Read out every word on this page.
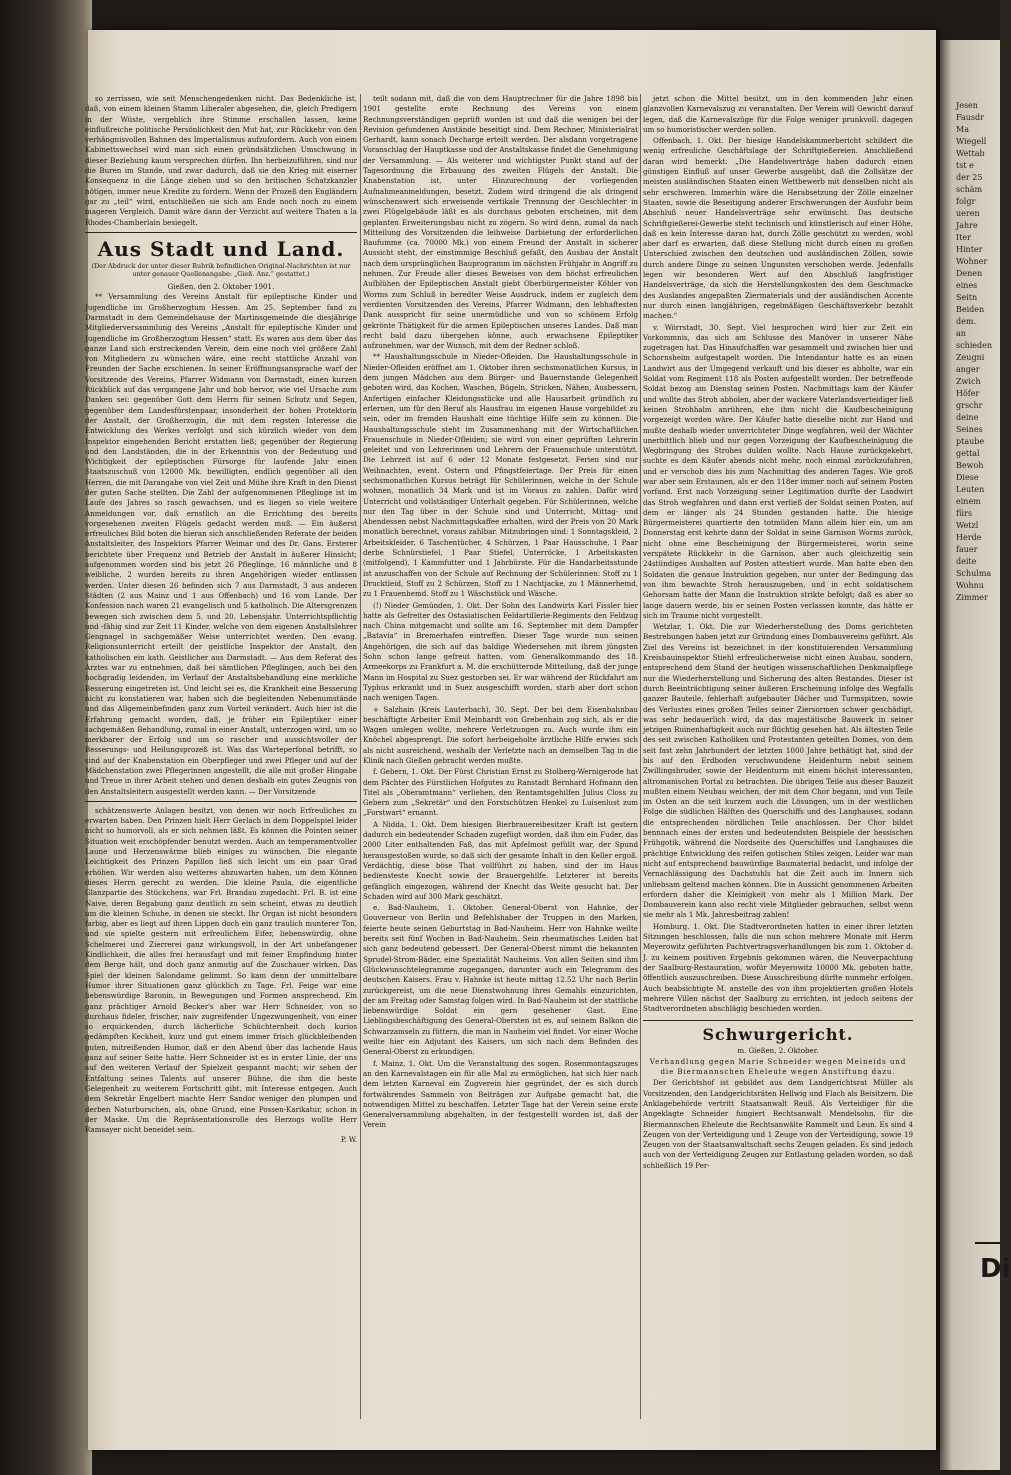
Jesen
Fausdr
Ma
Wiegell
Wettab
tst e
der 25
schäm
folgr
ueren
Jahre
Iter
Hinter
Wohner
Denen
eines
Seitn
Beiden
dem.
an
schieden
Zeugni
anger
Zwich
Höfer
grschr
deine
Seines
ptaube
gettal
Bewoh
Diese
Leuten
einem
fürs
Wetzl
Herde
fauer
deite
Schulma
Wohnu
Zimmer
Di

so zerrissen, wie seit Menschengedenken nicht. Das Bedenkliche ist, daß, von einem kleinen Stamm Liberaler abgesehen, die, gleich Predigern in der Wüste, vergeblich ihre Stimme erschallen lassen, keine einflußreiche politische Persönlichkeit den Mut hat, zur Rückkehr von den verhängnisvollen Bahnen des Imperialismus aufzufordern. Auch von einem Kabinettswechsel wird man sich einen gründsätzlichen Umschwung in dieser Beziehung kaum versprechen dürfen. Ihn herbeizuführen, sind nur die Buren im Stande, und zwar dadurch, daß sie den Krieg mit eiserner Konsequenz in die Länge ziehen und so den britischen Schatzkanzler nötigen, immer neue Kredite zu fordern. Wenn der Prozeß den Engländern gar zu „teil“ wird, entschließen sie sich am Ende noch noch zu einem mageren Vergleich. Damit wäre dann der Verzicht auf weitere Thaten a la Rhodes-Chamberlain besiegelt.

Aus Stadt und Land.
(Der Abdruck der unter dieser Rubrik befindlichen Original-Nachrichten ist nur unter genauer Quellenangabe: „Gieß. Anz.“ gestattet.)
Gießen, den 2. Oktober 1901.

** Versammlung des Vereins Anstalt für epileptische Kinder und Jugendliche im Großherzogtum Hessen. Am 25. September fand zu Darmstadt in dem Gemeindehause der Martinsgemeinde die diesjährige Mitgliederversammlung des Vereins „Anstalt für epileptische Kinder und Jugendliche im Großherzogtum Hessen“ statt. Es waren aus dem über das ganze Land sich erstreckenden Verein, dem eine noch viel größere Zahl von Mitgliedern zu wünschen wäre, eine recht stattliche Anzahl von Freunden der Sache erschienen. In seiner Eröffnungsansprache warf der Vorsitzende des Vereins, Pfarrer Widmann von Darmstadt, einen kurzen Rückblick auf das vergangene Jahr und hob hervor, wie viel Ursache zum Danken sei: gegenüber Gott dem Herrn für seinen Schutz und Segen, gegenüber dem Landesfürstenpaar, insonderheit der hohen Protektorin der Anstalt, der Großherzogin, die mit dem regsten Interesse die Entwicklung des Werkes verfolgt und sich kürzlich wieder von dem Inspektor eingehenden Bericht erstatten ließ; gegenüber der Regierung und den Landständen, die in der Erkenntnis von der Bedeutung und Wichtigkeit der epileptischen Fürsorge für laufende Jahr einen Staatszuschuß von 12000 Mk. bewilligten, endlich gegenüber all den Herren, die mit Darangabe von viel Zeit und Mühe ihre Kraft in den Dienst der guten Sache stellten. Die Zahl der aufgenommenen Pfleglinge ist im Laufe des Jahres so rasch gewachsen, und es liegen so viele weitere Anmeldungen vor, daß ernstlich an die Errichtung des bereits vorgesehenen zweiten Flügels gedacht werden muß. — Ein äußerst erfreuliches Bild boten die hieran sich anschließenden Referate der beiden Anstaltsleiter, des Inspektors Pfarrer Weimar und des Dr. Gans. Ersterer berichtete über Frequenz und Betrieb der Anstalt in äußerer Hinsicht; aufgenommen worden sind bis jetzt 26 Pfleglinge, 16 männliche und 8 weibliche, 2 wurden bereits zu ihren Angehörigen wieder entlassen werden. Unter diesen 26 befinden sich 7 aus Darmstadt, 3 aus anderen Städten (2 aus Mainz und 1 aus Offenbach) und 16 vom Lande. Der Konfession nach waren 21 evangelisch und 5 katholisch. Die Altersgrenzen bewegen sich zwischen dem 5. und 20. Lebensjahr. Unterrichtspflichtig und -fähig sind zur Zeit 11 Kinder, welche von dem eigenen Anstaltslehrer Gengnagel in sachgemäßer Weise unterrichtet werden. Den evang. Religionsunterricht erteilt der geistliche Inspektor der Anstalt, den katholischen ein kath. Geistlicher aus Darmstadt. — Aus dem Referat des Arztes war zu entnehmen, daß bei sämtlichen Pfleglingen, auch bei den hochgradig leidenden, im Verlauf der Anstaltsbehandlung eine merkliche Besserung eingetreten ist. Und leicht sei es, die Krankheit eine Besserung nicht zu konstatieren war, haben sich die begleitenden Nebenumstände und das Allgemeinbefinden ganz zum Vorteil verändert. Auch hier ist die Erfahrung gemacht worden, daß, je früher ein Epileptiker einer sachgemäßen Behandlung, zumal in einer Anstalt, unterzogen wird, um so merkbarer der Erfolg und um so rascher und aussichtsvoller der Besserungs- und Heilungsprozeß ist. Was das Warteperfonal betrifft, so sind auf der Knabenstation ein Oberpfleger und zwei Pfleger und auf der Mädchenstation zwei Pflegerinnen angestellt, die alle mit großer Hingabe und Treue in ihrer Arbeit stehen und denen deshalb ein gutes Zeugnis von den Anstaltsleitern ausgestellt werden kann. — Der Vorsitzende

schätzenswerte Anlagen besitzt, von denen wir noch Erfreuliches zu erwarten haben. Den Prinzen hielt Herr Gerlach in dem Doppelspiel leider nicht so humorvoll, als er sich nehmen läßt. Es können die Pointen seiner Situation weit erschöpfender benutzt werden. Auch an temperamentvoller Laune und Herzenswärme blieb einiges zu wünschen. Die elegante Leichtigkeit des Prinzen Papillon ließ sich leicht um ein paar Grad erhöhen. Wir werden also weiteres abzuwarten haben, um dem Können dieses Herrn gerecht zu werden. Die kleine Paula, die eigentliche Glanzpartie des Stückchens, war Frl. Brandau zugedacht. Frl. B. ist eine Naive, deren Begabung ganz deutlich zu sein scheint, etwas zu deutlich um die kleinen Schuhe, in denen sie steckt. Ihr Organ ist nicht besonders farbig, aber es liegt auf ihren Lippen doch ein ganz traulich munterer Ton, und sie spielte gestern mit erfreulichem Eifer, liebenswürdig, ohne Schelmerei und Zierrerei ganz wirkungsvoll, in der Art unbefangener Kindlichkeit, die alles frei herausfagt und mit feiner Empfindung hinter dem Berge hält, und doch ganz anmutig auf die Zuschauer wirken. Das Spiel der kleinen Salondame gelimmt. So kam denn der unmittelbare Humor ihrer Situationen ganz glücklich zu Tage. Frl. Feige war eine liebenswürdige Baronin, in Bewegungen und Formen ansprechend. Ein ganz prächtiger Arnold Becker's aber war Herr Schneider, von so durchaus fideler, frischer, naiv zugreifender Ungezwungenheit, von einer so erquickenden, durch lächerliche Schüchternheit doch kurios gedämpften Keckheit, kurz und gut einem immer frisch glückbleibenden guten, mitreißenden Humor, daß er den Abend über das lachende Haus ganz auf seiner Seite hatte. Herr Schneider ist es in erster Linie, der uns auf den weiteren Verlauf der Spielzeit gespannt macht; wir sehen der Entfaltung seines Talents auf unserer Bühne, die ihm die beste Gelegenheit zu weiterem Fortschritt gibt, mit Interesse entgegen. Auch dem Sekretär Engelbert machte Herr Sandor weniger den plumpen und derben Naturburschen, als, ohne Grund, eine Possen-Karikatur, schon in der Maske. Um die Repräsentationsrolle des Herzogs wollte Herr Ramsayer nicht beneidet sein.

P. W.

teilt sodann mit, daß die von dem Hauptrechner für die Jahre 1898 bis 1901 gestellte erste Rechnung des Vereins von einem Rechnungsverständigen geprüft worden ist und daß die wenigen bei der Revision gefundenen Anstände beseitigt sind. Dem Rechner, Ministerialrat Gerhardt, kann sonach Decharge erteilt werden. Der alsdann vorgetragene Voranschlag der Hauptkasse und der Anstaltskasse findet die Genehmigung der Versammlung. — Als weiterer und wichtigster Punkt stand auf der Tagesordnung die Erbauung des zweiten Flügels der Anstalt. Die Knabenstation ist, unter Hinzurechnung der vorliegenden Aufnahmeanmeldungen, besetzt. Zudem wird dringend die als dringend wünschenswert sich erweisende vertikale Trennung der Geschlechter in zwei Flügelgebäude läßt es als durchaus geboten erscheinen, mit dem geplanten Erweiterungsbau nicht zu zögern. So wird denn, zumal da nach Mitteilung des Vorsitzenden die leihweise Darbietung der erforderlichen Baufumme (ca. 70000 Mk.) von einem Freund der Anstalt in sicherer Aussicht steht, der einstimmige Beschluß gefaßt, den Ausbau der Anstalt nach dem ursprünglichen Bauprogramm im nächsten Frühjahr in Angriff zu nehmen. Zur Freude aller dieses Beweises von dem höchst erfreulichen Aufblühen der Epileptischen Anstalt giebt Oberbürgermeister Köhler von Worms zum Schluß in beredter Weise Ausdruck, indem er zugleich dem verdienten Vorsitzenden des Vereins, Pfarrer Widmann, den lebhaftesten Dank ausspricht für seine unermüdliche und von so schönem Erfolg gekrönte Thätigkeit für die armen Epileptischen unseres Landes. Daß man recht bald dazu übergehen könne, auch erwachsene Epileptiker aufzunehmen, war der Wunsch, mit dem der Redner schloß.

** Haushaltungsschule in Nieder-Ofleiden. Die Haushaltungsschule in Nieder-Ofleiden eröffnet am 1. Oktober ihren sechsmonatlichen Kursus, in dem jungen Mädchen aus dem Bürger- und Bauernstande Gelegenheit geboten wird, das Kochen, Waschen, Bügeln, Stricken, Nähen, Ausbessern, Anfertigen einfacher Kleidungsstücke und alle Hausarbeit gründlich zu erlernen, um für den Beruf als Hausfrau im eigenen Hause vorgebildet zu sein, oder im fremden Haushalt eine tüchtige Hilfe sein zu können. Die Haushaltungsschule steht im Zusammenhang mit der Wirtschaftlichen Frauenschule in Nieder-Ofleiden; sie wird von einer geprüften Lehrerin geleitet und von Lehrerinnen und Lehrern der Frauenschule unterstützt. Die Lehrzeit ist auf 6 oder 12 Monate festgesetzt. Ferien sind nur Weihnachten, event. Ostern und Pfingstfeiertage. Der Preis für einen sechsmonatlichen Kursus beträgt für Schülerinnen, welche in der Schule wohnen, monatlich 34 Mark und ist im Voraus zu zahlen. Dafür wird Unterricht und vollständiger Unterhalt gegeben. Für Schülerinnen, welche nur den Tag über in der Schule sind und Unterricht, Mittag- und Abendessen nebst Nachmittagskaffee erhalten, wird der Preis von 20 Mark monatlich berechnet, voraus zahlbar. Mitzubringen sind: 1 Sonntagskleid, 2 Arbeitskleider, 6 Taschentücher, 4 Schürzen, 1 Paar Hausschuhe, 1 Paar derbe Schnürstiefel, 1 Paar Stiefel, Unterröcke, 1 Arbeitskasten (mitfolgend), 1 Kammfutter und 1 Jahrbürste. Für die Handarbeitsstunde ist anzuschaffen von der Schule auf Rechnung der Schülerinnen: Stoff zu 1 Drucktleid, Stoff zu 2 Schürzen, Stoff zu 1 Nachtjacke, zu 1 Männerhemd, zu 1 Frauenhemd. Stoff zu 1 Wäschstück und Wäsche.

(!) Nieder Gemünden, 1. Okt. Der Sohn des Landwirts Karl Fissler hier hatte als Gefreiter des Ostasiatischen Feldartillerie-Regiments den Feldzug nach China mitgemacht und sollte am 16. September mit dem Dampfer „Batavia“ in Bremerhafen eintreffen. Dieser Tage wurde nun seinen Angehörigen, die sich auf das baldige Wiedersehen mit ihrem jüngsten Sohn schon lange gefreut hatten, vom Generalkommando des 18. Armeekorps zu Frankfurt a. M. die erschütternde Mitteilung, daß der junge Mann im Hospital zu Suez gestorben sei. Er war während der Rückfahrt am Typhus erkrankt und in Suez ausgeschifft worden, starb aber dort schon nach wenigen Tagen.

+ Salzhain (Kreis Lauterbach), 30. Sept. Der bei dem Eisenbahnbau beschäftigte Arbeiter Emil Meinhardt von Grebenhain zog sich, als er die Wagen umlegen wollte, mehrere Verletzungen zu. Auch wurde ihm ein Knöchel abgesprengt. Die sofort herbeigeholte ärztliche Hilfe erwies sich als nicht ausreichend, weshalb der Verletzte nach an demselben Tag in die Klinik nach Gießen gebracht werden mußte.

f. Gebern, 1. Okt. Der Fürst Christian Ernst zu Stolberg-Wernigerode hat dem Pächter des Fürstlichen Hofgutes zu Ranstadt Bernhard Hofmann den Titel als „Oberamtmann“ verliehen, den Rentamtsgehilfen Julius Closs zu Gebern zum „Sekretär“ und den Forstschützen Henkel zu Luisenlust zum „Forstwart“ ernannt.

A Nidda, 1. Okt. Dem hiesigen Bierbrauereibesitzer Kraft ist gestern dadurch ein bedeutender Schaden zugefügt worden, daß ihm ein Fuder, das 2000 Liter enthaltenden Faß, das mit Apfelmost gefüllt war, der Spund herausgestoßen wurde, so daß sich der gesamte Inhalt in den Keller ergoß. Verdächtig, diese böse That vollführt zu haben, sind der im Haus bediensteste Knecht sowie der Brauergehilfe. Letzterer ist bereits gefänglich eingezogen, während der Knecht das Weite gesucht hat. Der Schaden wird auf 300 Mark geschätzt.

e. Bad-Nauheim, 1. Oktober. General-Oberst von Hahnke, der Gouverneur von Berlin und Befehlshaber der Truppen in den Marken, feierte heute seinen Geburtstag in Bad-Nauheim. Herr von Hahnke weilte bereits seit fünf Wochen in Bad-Nauheim. Sein rheumatisches Leiden hat sich ganz bedeutend gebessert. Der General-Oberst nimmt die bekannten Sprudel-Strom-Bäder, eine Spezialität Nauheims. Von allen Seiten sind ihm Glückwunschtelegramme zugegangen, darunter auch ein Telegramm des deutschen Kaisers. Frau v. Hahnke ist heute mittag 12.52 Uhr nach Berlin zurückgereist, um die neue Dienstwohnung ihres Gemahls einzurichten, der am Freitag oder Samstag folgen wird. In Bad-Nauheim ist der stattliche liebenswürdige Soldat ein gern gesehener Gast. Eine Lieblingsbeschäftigung des General-Obersten ist es, auf seinem Balkon die Schwarzamseln zu füttern, die man in Nauheim viel findet. Vor einer Woche weilte hier ein Adjutant des Kaisers, um sich nach dem Befinden des General-Oberst zu erkundigen.

f. Mainz, 1. Okt. Um die Veranstaltung des sogen. Rosenmontagszuges an den Karnevalstagen ein für alle Mal zu ermöglichen, hat sich hier nach dem letzten Karneval ein Zugverein hier gegründet, der es sich durch fortwährendes Sammeln von Beiträgen zur Aufgabe gemacht hat, die notwendigen Mittel zu beschaffen. Letzter Tage hat der Verein seine erste Generalversammlung abgehalten, in der festgestellt worden ist, daß der Verein

jetzt schon die Mittel besitzt, um in den kommenden Jahr einen glanzvollen Karnevalszug zu veranstalten. Der Verein will Gewicht darauf legen, daß die Karnevalszüge für die Folge weniger prunkvoll. dagegen um so humoristischer werden sollen.

Offenbach, 1. Okt. Der hiesige Handelskammerbericht schildert die wenig erfreuliche Geschäftslage der Schriftgießereien. Anschließend daran wird bemerkt: „Die Handelsverträge haben dadurch einen günstigen Einfluß auf unser Gewerbe ausgeübt, daß die Zollsätze der meisten ausländischen Staaten einen Wettbewerb mit denselben nicht als sehr erschweren. Immerhin wäre die Herabsetzung der Zölle einzelner Staaten, sowie die Beseitigung anderer Erschwerungen der Ausfuhr beim Abschluß neuer Handelsverträge sehr erwünscht. Das deutsche Schriftgießerei-Gewerbe steht technisch und künstlerisch auf einer Höhe, daß es kein Interesse daran hat, durch Zölle geschützt zu werden, wohl aber darf es erwarten, daß diese Stellung nicht durch einen zu großen Unterschied zwischen den deutschen und ausländischen Zöllen, sowie durch andere Dinge zu seinen Ungunsten verschoben werde. Jedenfalls legen wir besonderen Wert auf den Abschluß langfristiger Handelsverträge, da sich die Herstellungskosten des dem Geschmacke des Auslandes angepaßten Ziermaterials und der ausländischen Accente nur durch einen langjährigen, regelmäßigen Geschäftsverkehr bezahlt machen.“

v. Wörrstadt, 30. Sept. Viel besprochen wird hier zur Zeit ein Vorkommnis, das sich am Schlusse des Manöver in unserer Nähe zugetragen hat. Das Hinaufchaffen war gesammelt und zwischen hier und Schornsheim aufgestapelt worden. Die Intendantur hatte es an einen Landwirt aus der Umgegend verkauft und bis dieser es abholte, war ein Soldat vom Regiment 118 als Posten aufgestellt worden. Der betreffende Soldat bezog am Dienstag seinen Posten. Nachmittags kam der Käufer und wollte das Stroh abholen, aber der wackere Vaterlandsverteidiger ließ keinen Strohhalm anrühren, ehe ihm nicht die Kaufbescheinigung vorgezeigt worden wäre. Der Käufer hatte dieselbe nicht zur Hand und mußte deshalb wieder unverrichteter Dinge wegfahren, weil der Wächter unerbittlich blieb und nur gegen Vorzeigung der Kaufbescheinigung die Wegbringung des Strohes dulden wollte. Nach Hause zurückgekehrt, suchte es dem Käufer abends nicht mehr, noch einmal zurückzufahren, und er verschob dies bis zum Nachmittag des anderen Tages. Wie groß war aber sein Erstaunen, als er den 118er immer noch auf seinem Posten vorfand. Erst nach Vorzeigung seiner Legitimation durfte der Landwirt das Stroh wegfahren und dann erst verließ der Soldat seinen Posten, auf dem er länger als 24 Stunden gestanden hatte. Die hiesige Bürgermeisterei quartierte den totmüden Mann allein hier ein, um am Donnerstag erst kehrte dann der Soldat in seine Garnison Worms zurück, nicht ohne eine Bescheinigung der Bürgermeisterei, worin seine verspätete Rückkehr in die Garnison, aber auch gleichzeitig sein 24stündiges Aushalten auf Posten attestiert wurde. Man hatte eben den Soldaten die genaue Instruktion gegeben, nur unter der Bedingung das von ihm bewachte Stroh herauszugeben, und in echt soldatischem Gehorsam hatte der Mann die Instruktion strikte befolgt; daß es aber so lange dauern werde, bis er seinen Posten verlassen konnte, das hätte er sich im Traume nicht vorgestellt.

Wetzlar, 1. Okt. Die zur Wiederherstellung des Doms gerichteten Bestrebungen haben jetzt zur Gründung eines Dombauvereins geführt. Als Ziel des Vereins ist bezeichnet in der konstituierenden Versammlung Kreisbauinspektor Stiehl erfreulicherweise nicht einen Ausbau, sondern, entsprechend dem Stand der heutigen wissenschaftlichen Denkmalpflege nur die Wiederherstellung und Sicherung des alten Bestandes. Dieser ist durch Beeinträchtigung seiner äußeren Erscheinung infolge des Wegfalls ganzer Bauteile, fehlerhaft aufgebauter Dächer und Turmspitzen, sowie des Verlustes eines großen Teiles seiner Ziersormen schwer geschädigt, was sehr bedauerlich wird, da das majestätische Bauwerk in seiner jetzigen Ruinenhaftigkeit auch nur flüchtig gesehen hat. Als ältesten Teile des seit zwischen Katholiken und Protestanten geteilten Domes, von dem seit fast zehn Jahrhundert der letzten 1000 Jahre bethätigt hat, sind der bis auf den Erdboden verschwundene Heidenturm nebst seinem Zwillingsbruder, sowie der Heidenturm mit einem höchst interessanten, altromanischen Portal zu betrachten. Die übrigen Teile aus dieser Bauzeit mußten einem Neubau weichen, der mit dem Chor begann, und von Teile im Osten an die seit kurzem auch die Lösungen, um in der westlichen Folge die südlichen Hälften des Querschiffs und des Langhauses, sodann die entsprechenden nördlichen Teile anschlossen. Der Chor bildet bennnach eines der ersten und bedeutendsten Beispiele der hessischen Frühgotik, während die Nordseite des Querschiffes und Langhauses die prächtige Entwicklung des reifen gotischen Stiles zeigen. Leider war man nicht auf entsprechend bauwürdige Baumaterial bedacht, und infolge der Vernachlässigung des Dachstuhls hat die Zeit auch im Innern sich unliebsam geltend machen können. Die in Aussicht genommenen Arbeiten erfordern daher die Kleinigkeit von mehr als 1 Million Mark. Der Dombauverein kann also recht viele Mitglieder gebrauchen, selbst wenn sie mehr als 1 Mk. Jahresbeitrag zahlen!

Homburg, 1. Okt. Die Stadtverordneten hatten in einer ihrer letzten Sitzungen beschlossen, falls die nun schon mehrere Monate mit Herrn Meyerowitz geführten Pachtvertragsverhandlungen bis zum 1. Oktober d. J. zu keinem positiven Ergebnis gekommen wären, die Neuverpachtung der Saalburg-Restauration, wofür Meyerowitz 10000 Mk. geboten hatte, öffentlich auszuschreiben. Diese Ausschreibung dürfte nunmehr erfolgen. Auch beabsichtigte M. anstelle des von ihm projektierten großen Hotels mehrere Villen nächst der Saalburg zu errichten, ist jedoch seitens der Stadtverordneten abschlägig beschieden worden.

Schwurgericht.
m. Gießen, 2. Oktober.

Verhandlung gegen Marie Schneider wegen Meineids und die Biermannschen Eheleute wegen Anstiftung dazu.

Der Gerichtshof ist gebildet aus dem Landgerichtsrat Müller als Vorsitzenden, den Landgerichtsräten Hellwig und Flach als Beisitzern. Die Anklagebehörde vertritt Staatsanwalt Reuß. Als Verteidiger für die Angeklagte Schneider fungiert Rechtsanwalt Mendelsohn, für die Biermannschen Eheleute die Rechtsanwälte Rammelt und Leun. Es sind 4 Zeugen von der Verteidigung und 1 Zeuge von der Verteidigung, sowie 19 Zeugen von der Staatsanwaltschaft sechs Zeugen geladen. Es sind jedoch auch von der Verteidigung Zeugen zur Entlastung geladen worden, so daß schließlich 19 Per-
